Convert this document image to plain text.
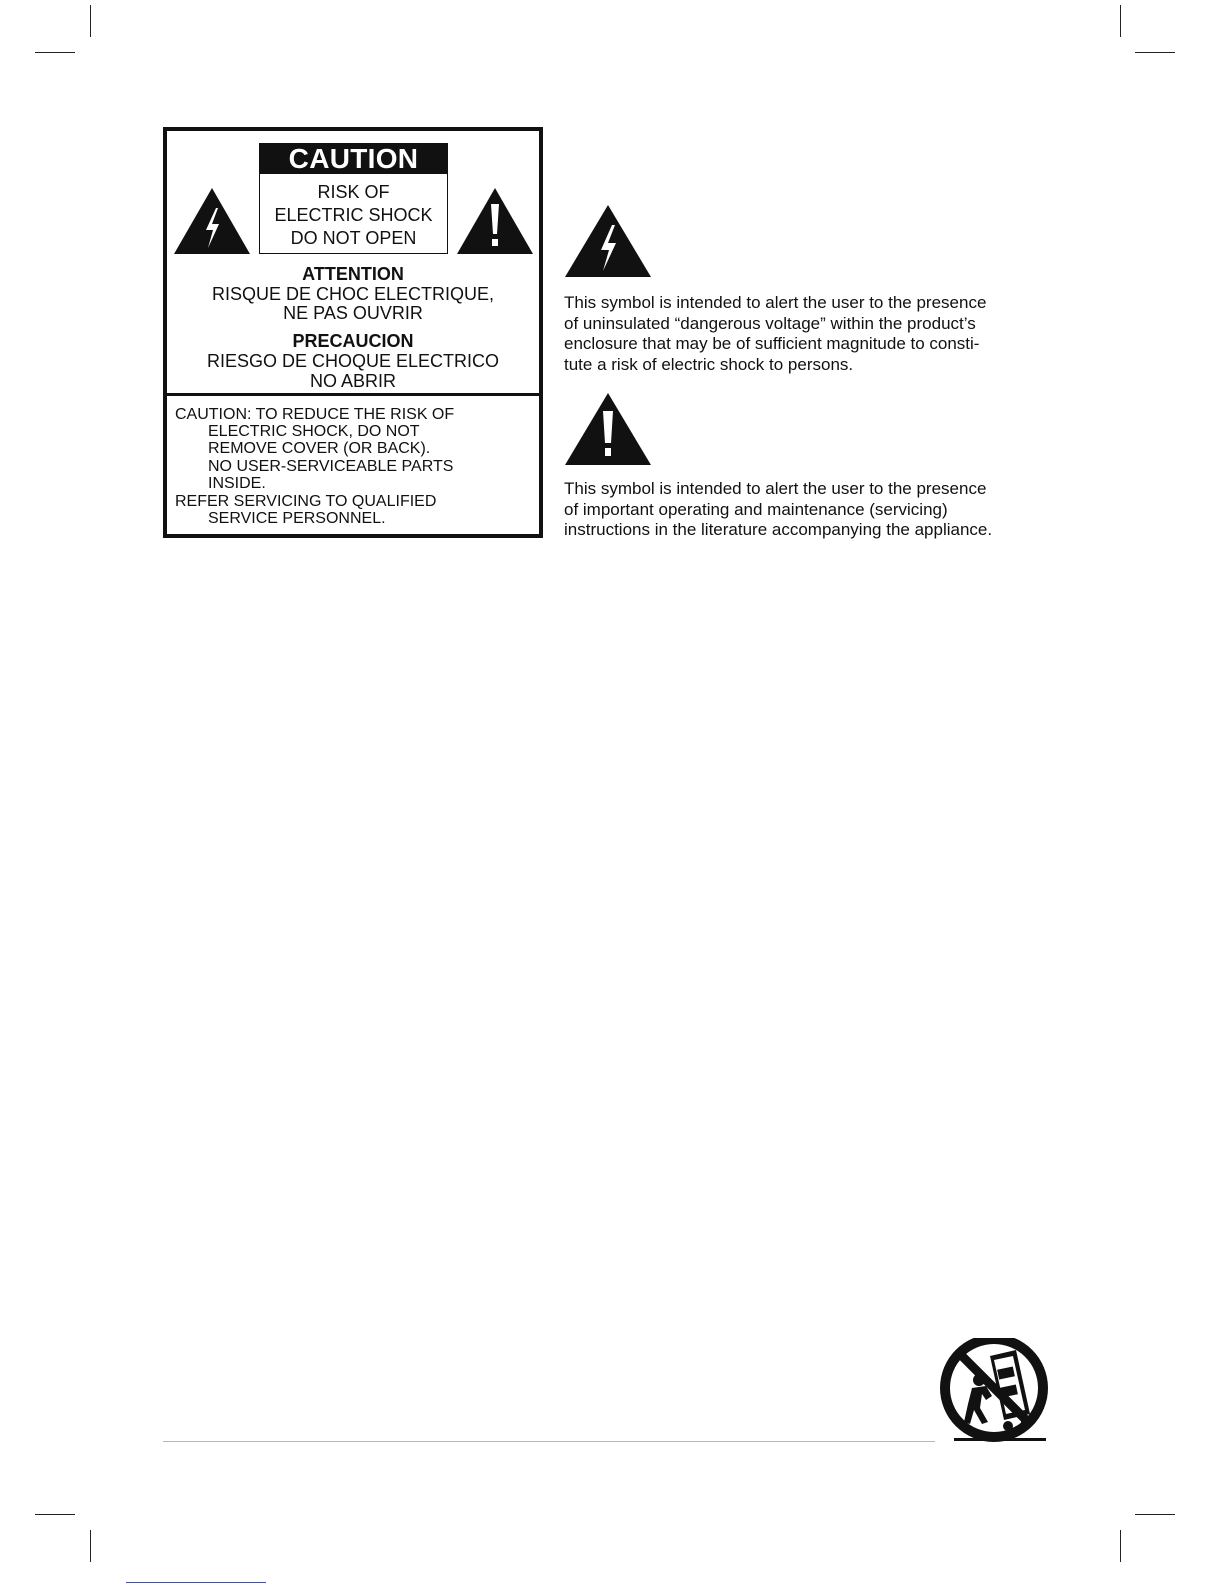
CAUTION
RISK OF
ELECTRIC SHOCK
DO NOT OPEN
ATTENTION
RISQUE DE CHOC ELECTRIQUE,
NE PAS OUVRIR
PRECAUCION
RIESGO DE CHOQUE ELECTRICO
NO ABRIR
CAUTION: TO REDUCE THE RISK OF
ELECTRIC SHOCK, DO NOT
REMOVE COVER (OR BACK).
NO USER-SERVICEABLE PARTS
INSIDE.
REFER SERVICING TO QUALIFIED
SERVICE PERSONNEL.
This symbol is intended to alert the user to the presence
of uninsulated “dangerous voltage” within the product’s
enclosure that may be of sufficient magnitude to consti-
tute a risk of electric shock to persons.
This symbol is intended to alert the user to the presence
of important operating and maintenance (servicing)
instructions in the literature accompanying the appliance.
